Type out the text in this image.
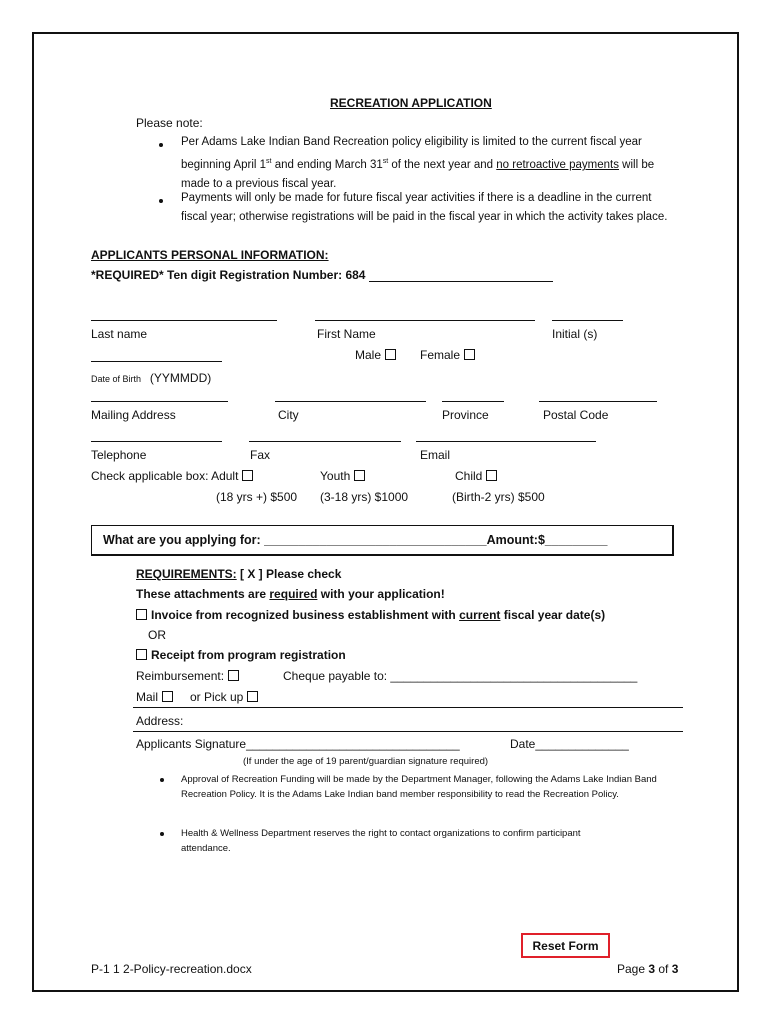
RECREATION APPLICATION
Please note:
Per Adams Lake Indian Band Recreation policy eligibility is limited to the current fiscal year beginning April 1st and ending March 31st of the next year and no retroactive payments will be made to a previous fiscal year.
Payments will only be made for future fiscal year activities if there is a deadline in the current fiscal year; otherwise registrations will be paid in the fiscal year in which the activity takes place.
APPLICANTS PERSONAL INFORMATION:
*REQUIRED* Ten digit Registration Number: 684
Last name	First Name	Initial (s)
Male	Female
Date of Birth (YYMMDD)
Mailing Address	City	Province	Postal Code
Telephone	Fax	Email
Check applicable box: Adult	Youth	Child
(18 yrs +) $500 (3-18 yrs) $1000	(Birth-2 yrs) $500
What are you applying for: ________________________________Amount:$_________
REQUIREMENTS: [ X ] Please check
These attachments are required with your application!
Invoice from recognized business establishment with current fiscal year date(s)
OR
Receipt from program registration
Reimbursement:	Cheque payable to: _____________________________________
Mail	or Pick up
Address:
Applicants Signature________________________________	Date______________
(If under the age of 19 parent/guardian signature required)
Approval of Recreation Funding will be made by the Department Manager, following the Adams Lake Indian Band Recreation Policy. It is the Adams Lake Indian band member responsibility to read the Recreation Policy.
Health & Wellness Department reserves the right to contact organizations to confirm participant attendance.
Reset Form
P-1 1 2-Policy-recreation.docx	Page 3 of 3
